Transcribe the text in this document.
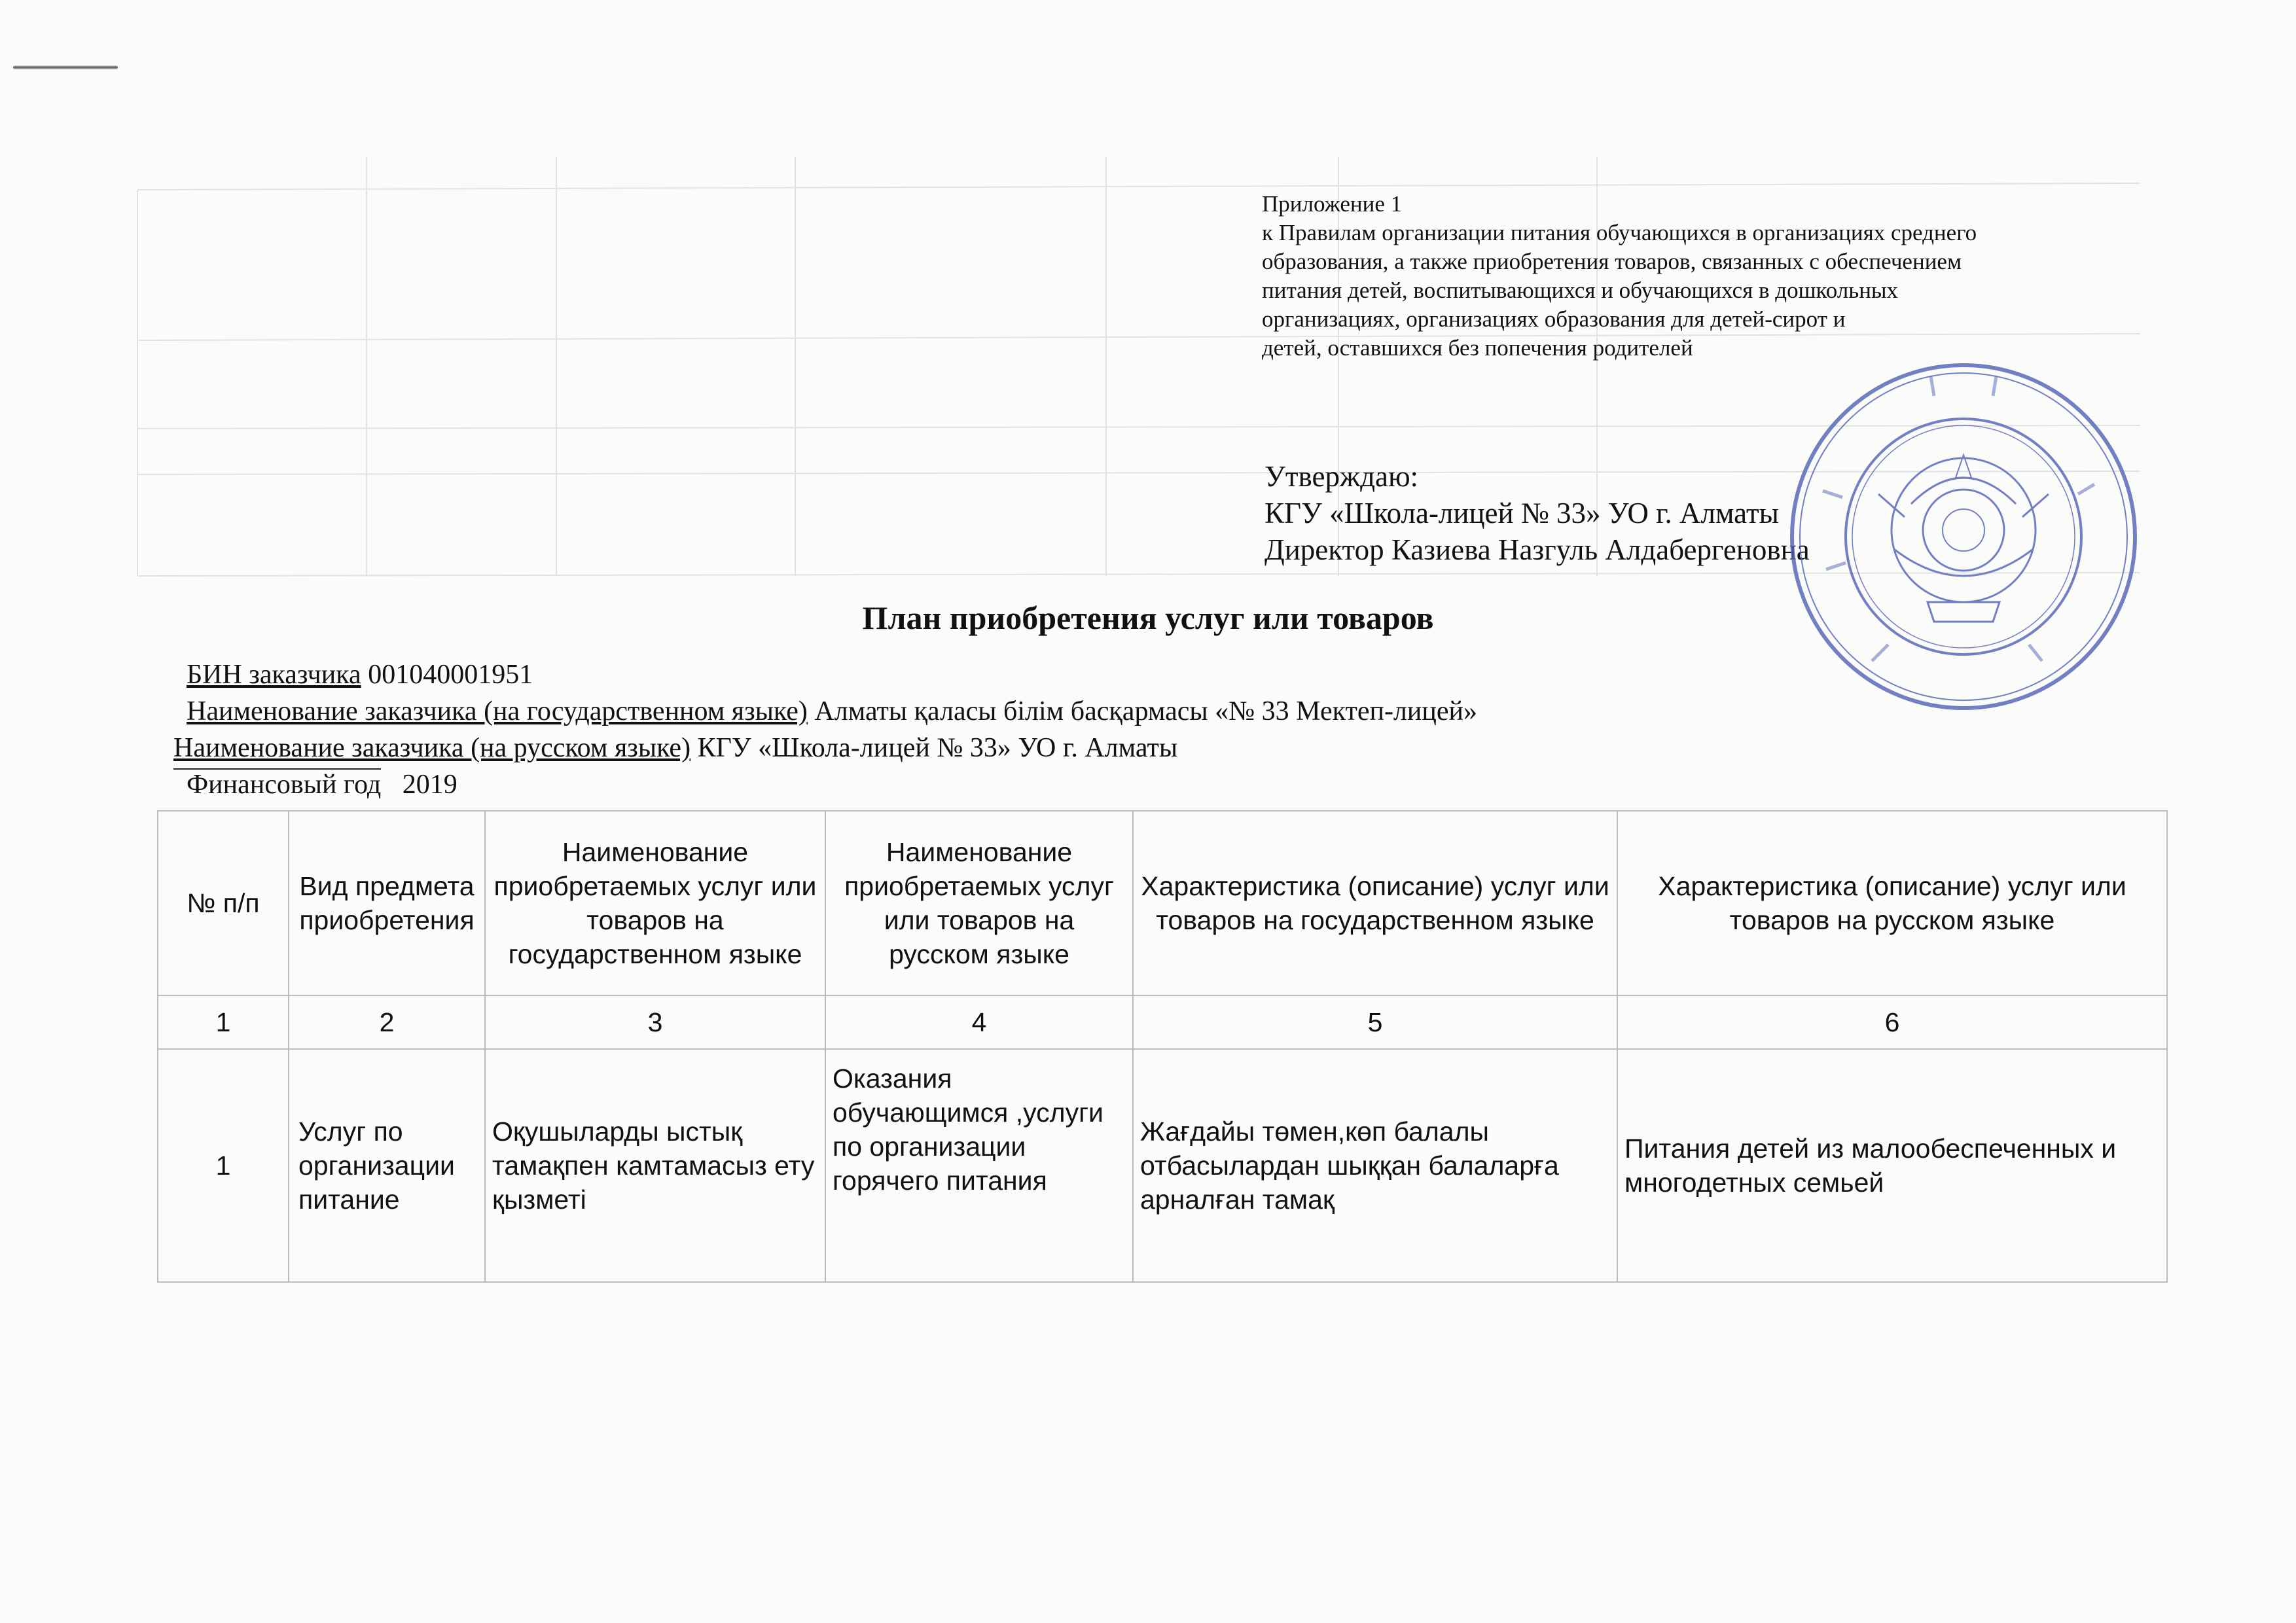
Приложение 1
к Правилам организации питания обучающихся в организациях среднего
образования, а также приобретения товаров, связанных с обеспечением
питания детей, воспитывающихся и обучающихся в дошкольных
организациях, организациях образования для детей-сирот и
детей, оставшихся без попечения родителей
Утверждаю:
КГУ «Школа-лицей № 33» УО г. Алматы
Директор Казиева Назгуль Алдабергеновна
План приобретения услуг или товаров
БИН заказчика 001040001951
Наименование заказчика (на государственном языке) Алматы қаласы білім басқармасы «№ 33 Мектеп-лицей»
Наименование заказчика (на русском языке) КГУ «Школа-лицей № 33» УО г. Алматы
Финансовый год 2019
№ п/п	Вид предмета приобретения	Наименование приобретаемых услуг или товаров на государственном языке	Наименование приобретаемых услуг или товаров на русском языке	Характеристика (описание) услуг или товаров на государственном языке	Характеристика (описание) услуг или товаров на русском языке
1	2	3	4	5	6
1	Услуг по организации питание	Оқушыларды ыстық тамақпен камтамасыз ету қызметі	Оказания обучающимся ,услуги по организации горячего питания	Жағдайы төмен,көп балалы отбасылардан шыққан балаларға арналған тамақ	Питания детей из малообеспеченных и многодетных семьей
